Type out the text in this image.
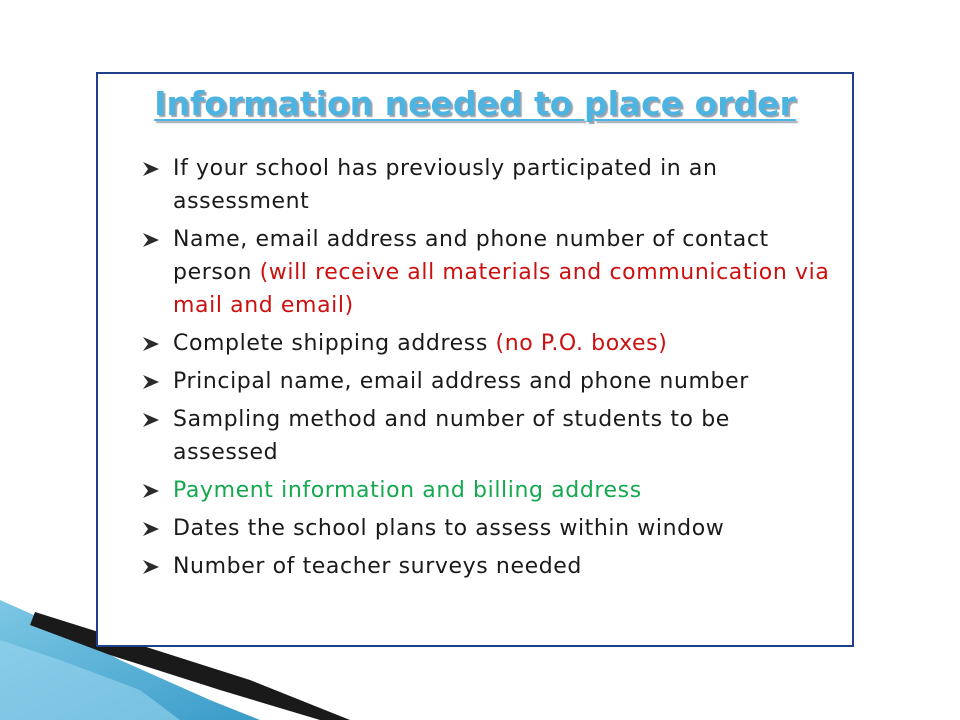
Information needed to place order
If your school has previously participated in an assessment
Name, email address and phone number of contact person (will receive all materials and communication via mail and email)
Complete shipping address (no P.O. boxes)
Principal name, email address and phone number
Sampling method and number of students to be assessed
Payment information and billing address
Dates the school plans to assess within window
Number of teacher surveys needed
